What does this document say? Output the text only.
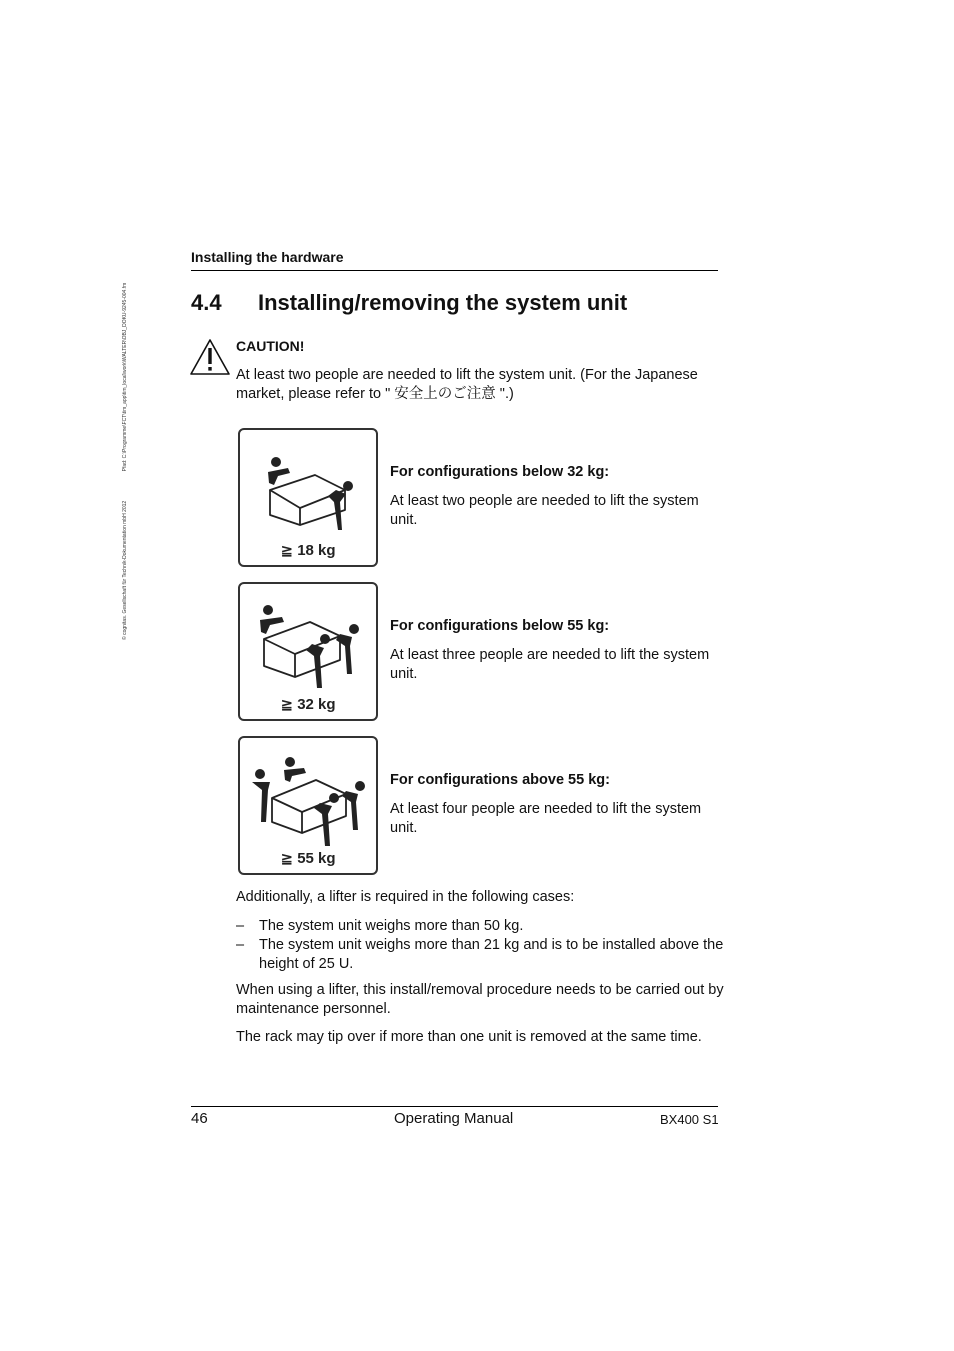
© cognitas. Gesellschaft für Technik-Dokumentation mbH 2012 Pfad: C:\Programme\FCT\tim_app\tim_local\work\WALTER\OBJ_DOKU-9245-004.fm
Installing the hardware
4.4 Installing/removing the system unit
CAUTION!
At least two people are needed to lift the system unit. (For the Japanese market, please refer to " 安全上のご注意 ".)
≧ 18 kg
For configurations below 32 kg:
At least two people are needed to lift the system unit.
≧ 32 kg
For configurations below 55 kg:
At least three people are needed to lift the system unit.
≧ 55 kg
For configurations above 55 kg:
At least four people are needed to lift the system unit.
Additionally, a lifter is required in the following cases:
– The system unit weighs more than 50 kg.
– The system unit weighs more than 21 kg and is to be installed above the height of 25 U.
When using a lifter, this install/removal procedure needs to be carried out by maintenance personnel.
The rack may tip over if more than one unit is removed at the same time.
46	Operating Manual	BX400 S1
